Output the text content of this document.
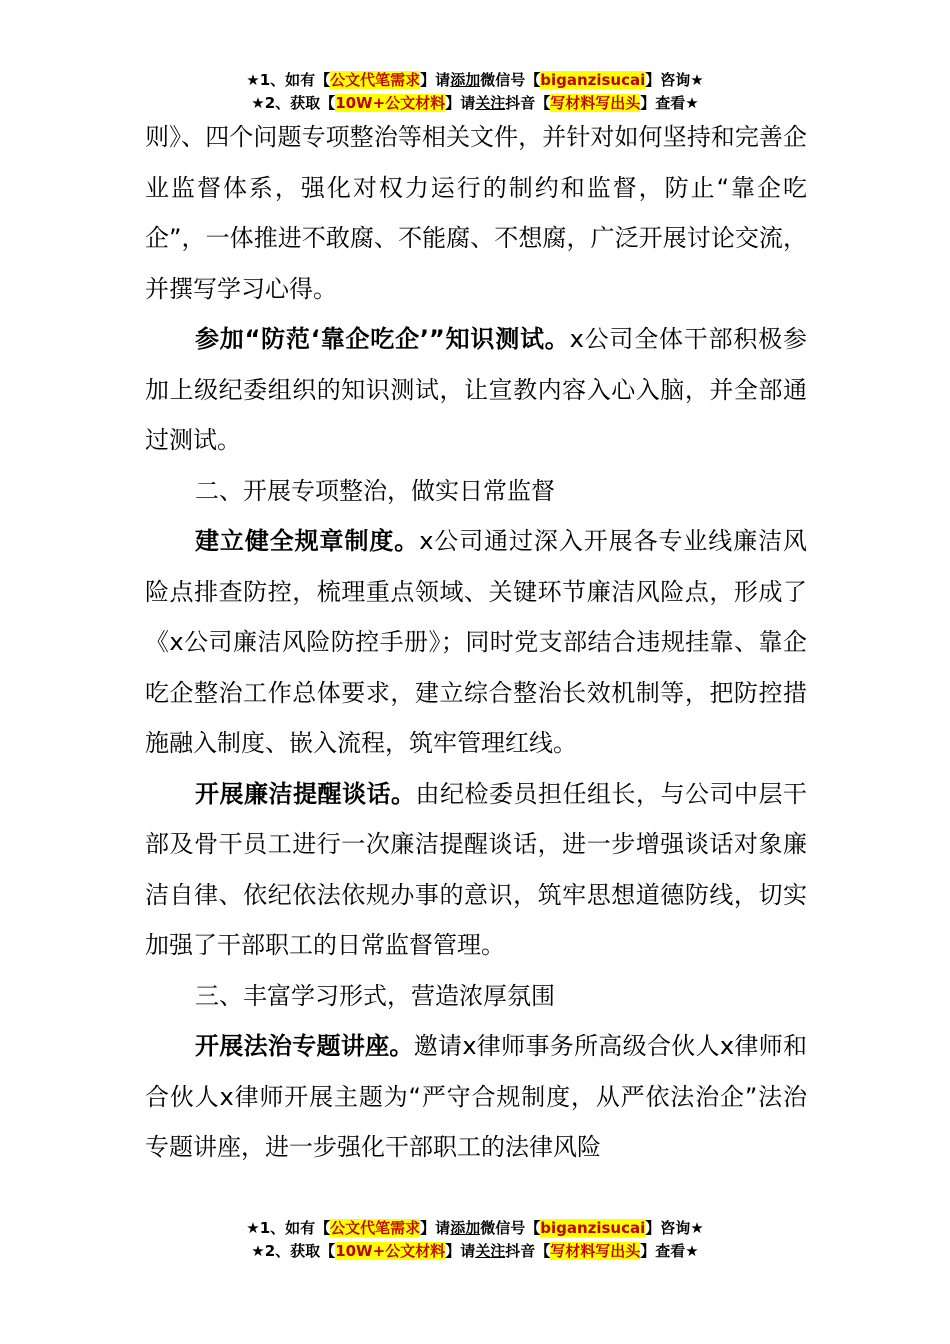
★1、如有【公文代笔需求】请添加微信号【biganzisucai】咨询★
★2、获取【10W+公文材料】请关注抖音【写材料写出头】查看★

则》、四个问题专项整治等相关文件，并针对如何坚持和完善企业监督体系，强化对权力运行的制约和监督，防止“靠企吃企”，一体推进不敢腐、不能腐、不想腐，广泛开展讨论交流，并撰写学习心得。

参加“防范‘靠企吃企’”知识测试。x公司全体干部积极参加上级纪委组织的知识测试，让宣教内容入心入脑，并全部通过测试。

二、开展专项整治，做实日常监督

建立健全规章制度。x公司通过深入开展各专业线廉洁风险点排查防控，梳理重点领域、关键环节廉洁风险点，形成了《x公司廉洁风险防控手册》；同时党支部结合违规挂靠、靠企吃企整治工作总体要求，建立综合整治长效机制等，把防控措施融入制度、嵌入流程，筑牢管理红线。

开展廉洁提醒谈话。由纪检委员担任组长，与公司中层干部及骨干员工进行一次廉洁提醒谈话，进一步增强谈话对象廉洁自律、依纪依法依规办事的意识，筑牢思想道德防线，切实加强了干部职工的日常监督管理。

三、丰富学习形式，营造浓厚氛围

开展法治专题讲座。邀请x律师事务所高级合伙人x律师和合伙人x律师开展主题为“严守合规制度，从严依法治企”法治专题讲座，进一步强化干部职工的法律风险

★1、如有【公文代笔需求】请添加微信号【biganzisucai】咨询★
★2、获取【10W+公文材料】请关注抖音【写材料写出头】查看★
